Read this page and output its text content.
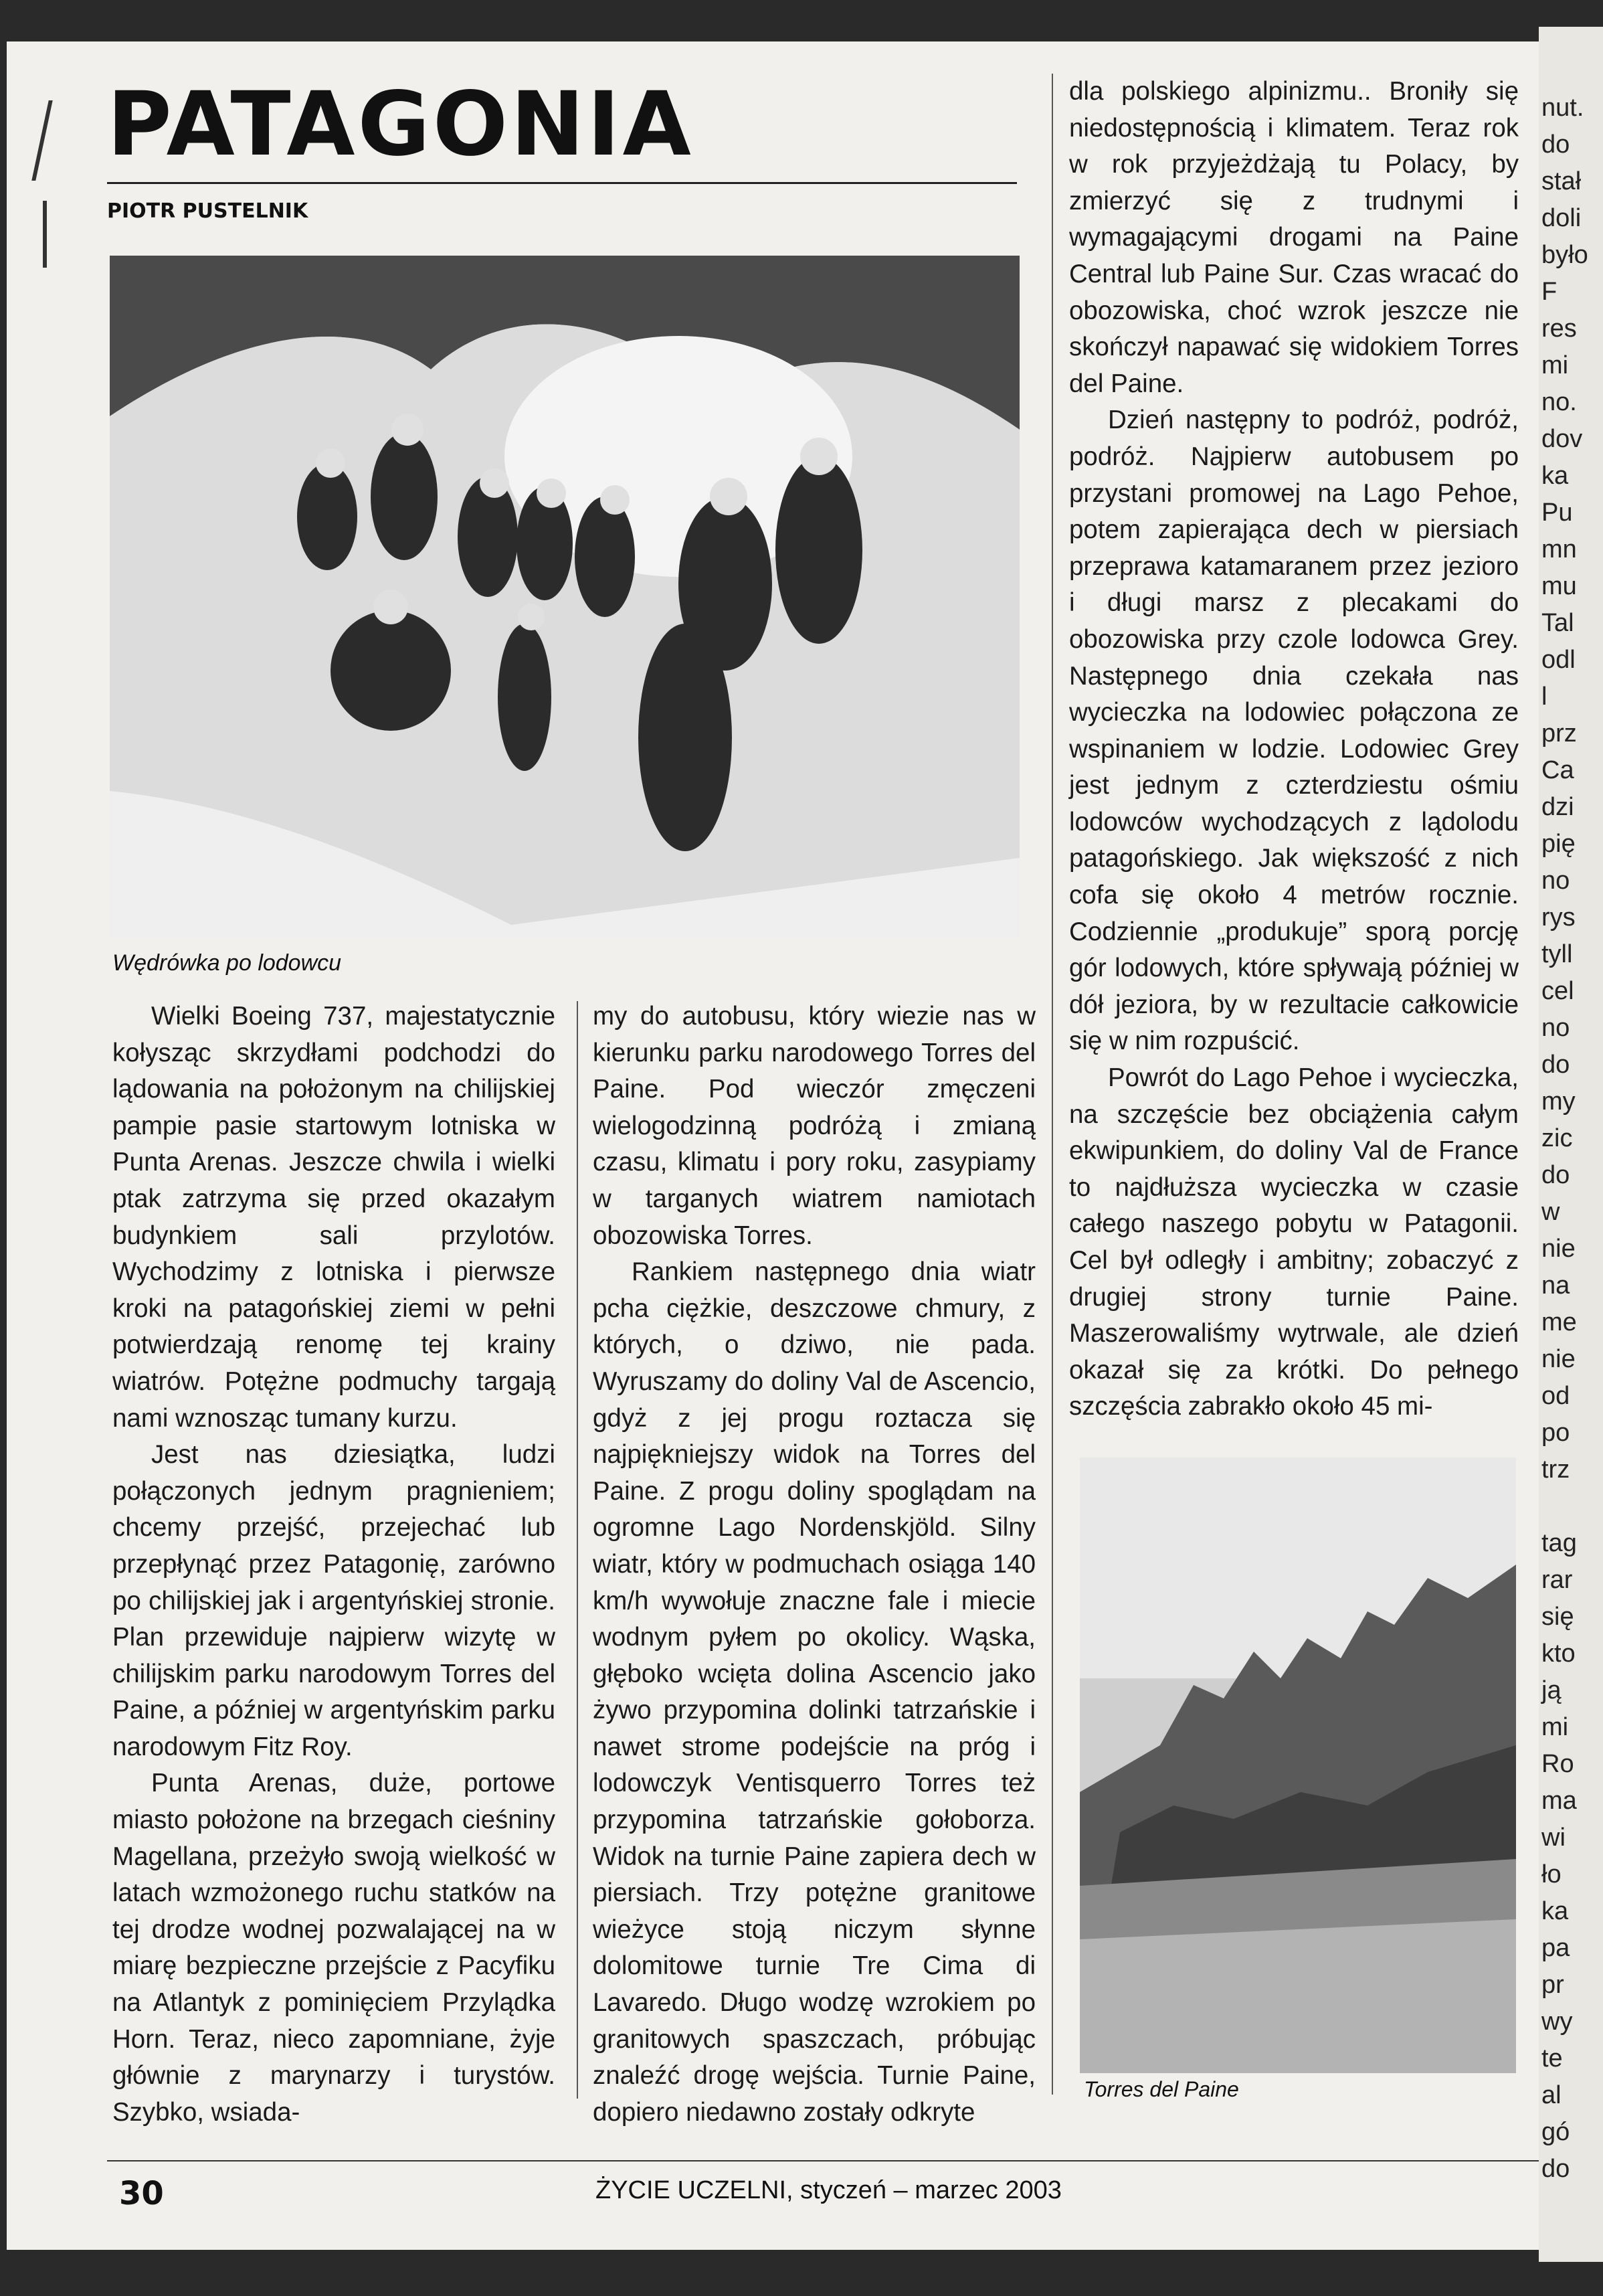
PATAGONIA
PIOTR PUSTELNIK
Wędrówka po lodowcu

Wielki Boeing 737, majestatycznie kołysząc skrzydłami podchodzi do lądowania na położonym na chilijskiej pampie pasie startowym lotniska w Punta Arenas. Jeszcze chwila i wielki ptak zatrzyma się przed okazałym budynkiem sali przylotów. Wychodzimy z lotniska i pierwsze kroki na patagońskiej ziemi w pełni potwierdzają renomę tej krainy wiatrów. Potężne podmuchy targają nami wznosząc tumany kurzu.

Jest nas dziesiątka, ludzi połączonych jednym pragnieniem; chcemy przejść, przejechać lub przepłynąć przez Patagonię, zarówno po chilijskiej jak i argentyńskiej stronie. Plan przewiduje najpierw wizytę w chilijskim parku narodowym Torres del Paine, a później w argentyńskim parku narodowym Fitz Roy.

Punta Arenas, duże, portowe miasto położone na brzegach cieśniny Magellana, przeżyło swoją wielkość w latach wzmożonego ruchu statków na tej drodze wodnej pozwalającej na w miarę bezpieczne przejście z Pacyfiku na Atlantyk z pominięciem Przylądka Horn. Teraz, nieco zapomniane, żyje głównie z marynarzy i turystów. Szybko, wsiada-

my do autobusu, który wiezie nas w kierunku parku narodowego Torres del Paine. Pod wieczór zmęczeni wielogodzinną podróżą i zmianą czasu, klimatu i pory roku, zasypiamy w targanych wiatrem namiotach obozowiska Torres.

Rankiem następnego dnia wiatr pcha ciężkie, deszczowe chmury, z których, o dziwo, nie pada. Wyruszamy do doliny Val de Ascencio, gdyż z jej progu roztacza się najpiękniejszy widok na Torres del Paine. Z progu doliny spoglądam na ogromne Lago Nordenskjöld. Silny wiatr, który w podmuchach osiąga 140 km/h wywołuje znaczne fale i miecie wodnym pyłem po okolicy. Wąska, głęboko wcięta dolina Ascencio jako żywo przypomina dolinki tatrzańskie i nawet strome podejście na próg i lodowczyk Ventisquerro Torres też przypomina tatrzańskie gołoborza. Widok na turnie Paine zapiera dech w piersiach. Trzy potężne granitowe wieżyce stoją niczym słynne dolomitowe turnie Tre Cima di Lavaredo. Długo wodzę wzrokiem po granitowych spaszczach, próbując znaleźć drogę wejścia. Turnie Paine, dopiero niedawno zostały odkryte

dla polskiego alpinizmu.. Broniły się niedostępnością i klimatem. Teraz rok w rok przyjeżdżają tu Polacy, by zmierzyć się z trudnymi i wymagającymi drogami na Paine Central lub Paine Sur. Czas wracać do obozowiska, choć wzrok jeszcze nie skończył napawać się widokiem Torres del Paine.

Dzień następny to podróż, podróż, podróż. Najpierw autobusem po przystani promowej na Lago Pehoe, potem zapierająca dech w piersiach przeprawa katamaranem przez jezioro i długi marsz z plecakami do obozowiska przy czole lodowca Grey. Następnego dnia czekała nas wycieczka na lodowiec połączona ze wspinaniem w lodzie. Lodowiec Grey jest jednym z czterdziestu ośmiu lodowców wychodzących z lądolodu patagońskiego. Jak większość z nich cofa się około 4 metrów rocznie. Codziennie „produkuje” sporą porcję gór lodowych, które spływają później w dół jeziora, by w rezultacie całkowicie się w nim rozpuścić.

Powrót do Lago Pehoe i wycieczka, na szczęście bez obciążenia całym ekwipunkiem, do doliny Val de France to najdłuższa wycieczka w czasie całego naszego pobytu w Patagonii. Cel był odległy i ambitny; zobaczyć z drugiej strony turnie Paine. Maszerowaliśmy wytrwale, ale dzień okazał się za krótki. Do pełnego szczęścia zabrakło około 45 mi-

Torres del Paine
nut.
do
stał
doli
było
F
res
mi
no.
dov
ka
Pu
mn
mu
Tal
odl
l
prz
Ca
dzi
pię
no
rys
tyll
cel
no
do
my
zic
do
w
nie
na
me
nie
od
po
trz
tag
rar
się
kto
ją
mi
Ro
ma
wi
ło
ka
pa
pr
wy
te
al
gó
do
30	ŻYCIE UCZELNI, styczeń – marzec 2003
